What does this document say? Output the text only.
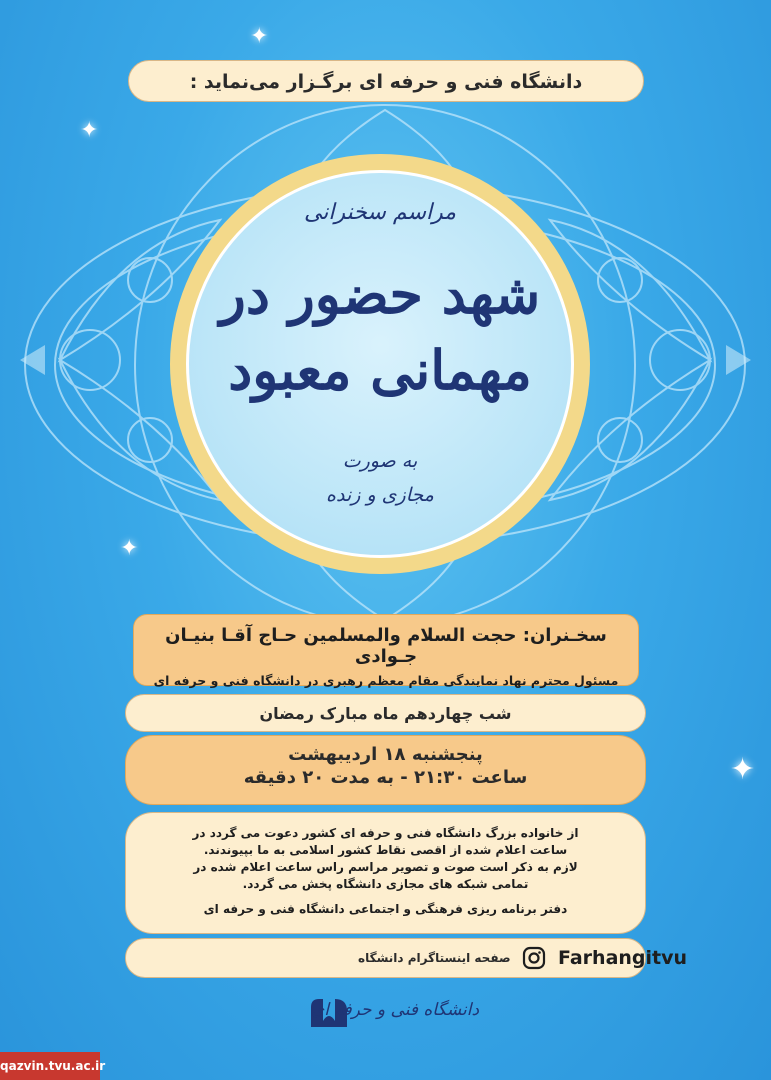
✦
✦
✦
✦
دانشگاه فنی و حرفه ای برگـزار می‌نماید :
مراسم سخنرانی
شهد حضور در
مهمانی معبود
به صورت
مجازی و زنده
سخـنران: حجت السلام والمسلمین حـاج آقـا بنیـان جـوادی
مسئول محترم نهاد نمایندگی مقام معظم رهبری در دانشگاه فنی و حرفه ای
شب چهاردهم ماه مبارک رمضان
پنجشنبه ۱۸ اردیبهشت
ساعت ۲۱:۳۰ - به مدت ۲۰ دقیقه
از خانواده بزرگ دانشگاه فنی و حرفه ای کشور دعوت می گردد در
ساعت اعلام شده از اقصی نقاط کشور اسلامی به ما بپیوندند.
لازم به ذکر است صوت و تصویر مراسم راس ساعت اعلام شده در
تمامی شبکه های مجازی دانشگاه پخش می گردد.
دفتر برنامه ریزی فرهنگی و اجتماعی دانشگاه فنی و حرفه ای
صفحه اینستاگرام دانشگاه Farhangitvu
دانشگاه فنی و حرفه ای
qazvin.tvu.ac.ir
